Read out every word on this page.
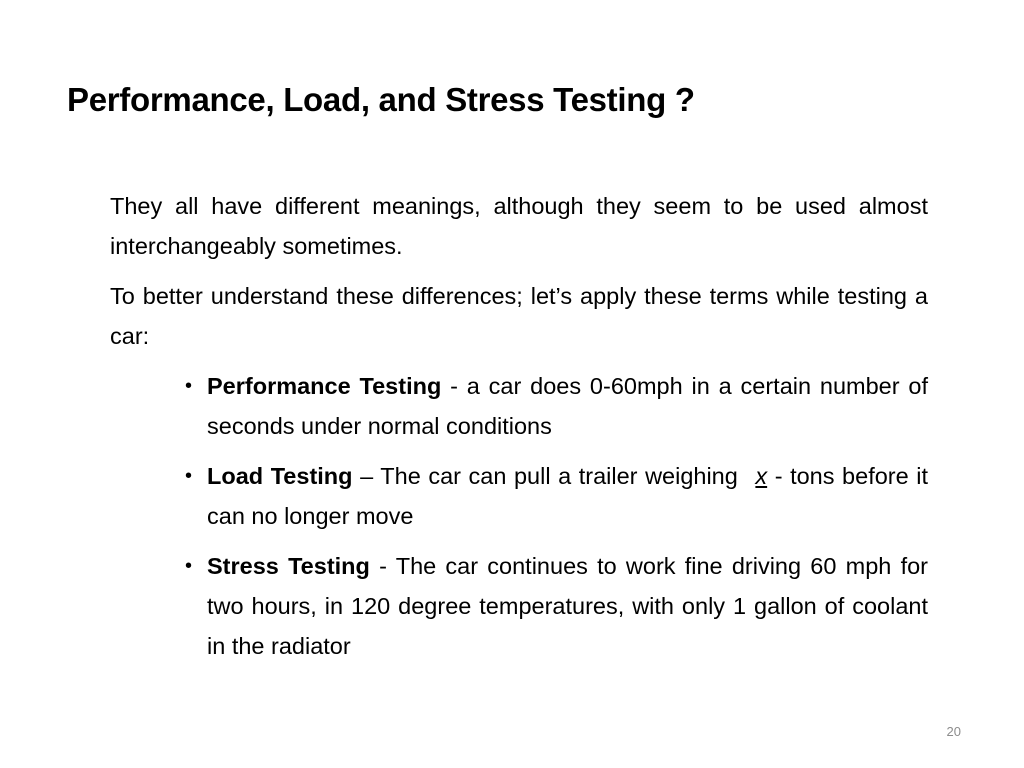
Performance, Load, and Stress Testing ?

They all have different meanings, although they seem to be used almost interchangeably sometimes.

To better understand these differences; let’s apply these terms while testing a car:

• Performance Testing - a car does 0-60mph in a certain number of seconds under normal conditions
• Load Testing – The car can pull a trailer weighing x - tons before it can no longer move
• Stress Testing - The car continues to work fine driving 60 mph for two hours, in 120 degree temperatures, with only 1 gallon of coolant in the radiator
20
